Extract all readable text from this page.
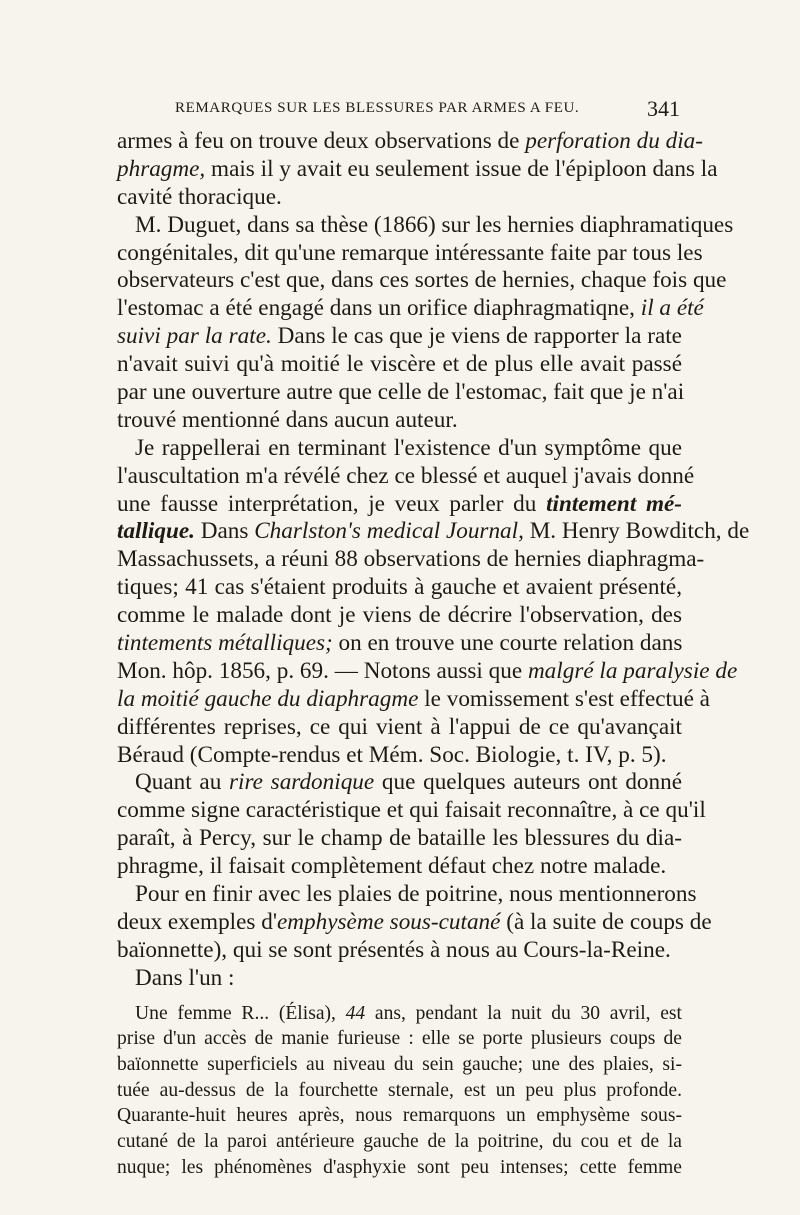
REMARQUES SUR LES BLESSURES PAR ARMES A FEU.	341
armes à feu on trouve deux observations de perforation du dia-
phragme, mais il y avait eu seulement issue de l'épiploon dans la
cavité thoracique.
M. Duguet, dans sa thèse (1866) sur les hernies diaphramatiques
congénitales, dit qu'une remarque intéressante faite par tous les
observateurs c'est que, dans ces sortes de hernies, chaque fois que
l'estomac a été engagé dans un orifice diaphragmatiqne, il a été
suivi par la rate. Dans le cas que je viens de rapporter la rate
n'avait suivi qu'à moitié le viscère et de plus elle avait passé
par une ouverture autre que celle de l'estomac, fait que je n'ai
trouvé mentionné dans aucun auteur.
Je rappellerai en terminant l'existence d'un symptôme que
l'auscultation m'a révélé chez ce blessé et auquel j'avais donné
une fausse interprétation, je veux parler du tintement mé-
tallique. Dans Charlston's medical Journal, M. Henry Bowditch, de
Massachussets, a réuni 88 observations de hernies diaphragma-
tiques; 41 cas s'étaient produits à gauche et avaient présenté,
comme le malade dont je viens de décrire l'observation, des
tintements métalliques; on en trouve une courte relation dans
Mon. hôp. 1856, p. 69. — Notons aussi que malgré la paralysie de
la moitié gauche du diaphragme le vomissement s'est effectué à
différentes reprises, ce qui vient à l'appui de ce qu'avançait
Béraud (Compte-rendus et Mém. Soc. Biologie, t. IV, p. 5).
Quant au rire sardonique que quelques auteurs ont donné
comme signe caractéristique et qui faisait reconnaître, à ce qu'il
paraît, à Percy, sur le champ de bataille les blessures du dia-
phragme, il faisait complètement défaut chez notre malade.
Pour en finir avec les plaies de poitrine, nous mentionnerons
deux exemples d'emphysème sous-cutané (à la suite de coups de
baïonnette), qui se sont présentés à nous au Cours-la-Reine.
Dans l'un :
Une femme R... (Élisa), 44 ans, pendant la nuit du 30 avril, est
prise d'un accès de manie furieuse : elle se porte plusieurs coups de
baïonnette superficiels au niveau du sein gauche; une des plaies, si-
tuée au-dessus de la fourchette sternale, est un peu plus profonde.
Quarante-huit heures après, nous remarquons un emphysème sous-
cutané de la paroi antérieure gauche de la poitrine, du cou et de la
nuque; les phénomènes d'asphyxie sont peu intenses; cette femme
